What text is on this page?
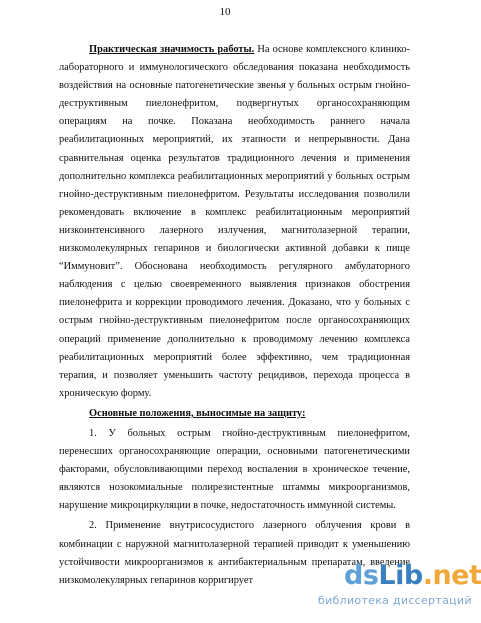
10

Практическая значимость работы. На основе комплексного клинико-лабораторного и иммунологического обследования показана необходимость воздействия на основные патогенетические звенья у больных острым гнойно-деструктивным пиелонефритом, подвергнутых органосохраняющим операциям на почке. Показана необходимость раннего начала реабилитационных мероприятий, их этапности и непрерывности. Дана сравнительная оценка результатов традиционного лечения и применения дополнительно комплекса реабилитационных мероприятий у больных острым гнойно-деструктивным пиелонефритом. Результаты исследования позволили рекомендовать включение в комплекс реабилитационным мероприятий низкоинтенсивного лазерного излучения, магнитолазерной терапии, низкомолекулярных гепаринов и биологически активной добавки к пище “Иммуновит”. Обоснована необходимость регулярного амбулаторного наблюдения с целью своевременного выявления признаков обострения пиелонефрита и коррекции проводимого лечения. Доказано, что у больных с острым гнойно-деструктивным пиелонефритом после органосохраняющих операций применение дополнительно к проводимому лечению комплекса реабилитационных мероприятий более эффективно, чем традиционная терапия, и позволяет уменьшить частоту рецидивов, перехода процесса в хроническую форму.

Основные положения, выносимые на защиту:

1. У больных острым гнойно-деструктивным пиелонефритом, перенесших органосохраняющие операции, основными патогенетическими факторами, обусловливающими переход воспаления в хроническое течение, являются нозокомиальные полирезистентные штаммы микроорганизмов, нарушение микроциркуляции в почке, недостаточность иммунной системы.

2. Применение внутрисосудистого лазерного облучения крови в комбинации с наружной магнитолазерной терапией приводит к уменьшению устойчивости микроорганизмов к антибактериальным препаратам, введение низкомолекулярных гепаринов корригирует	dsLib.net
библиотека диссертаций
